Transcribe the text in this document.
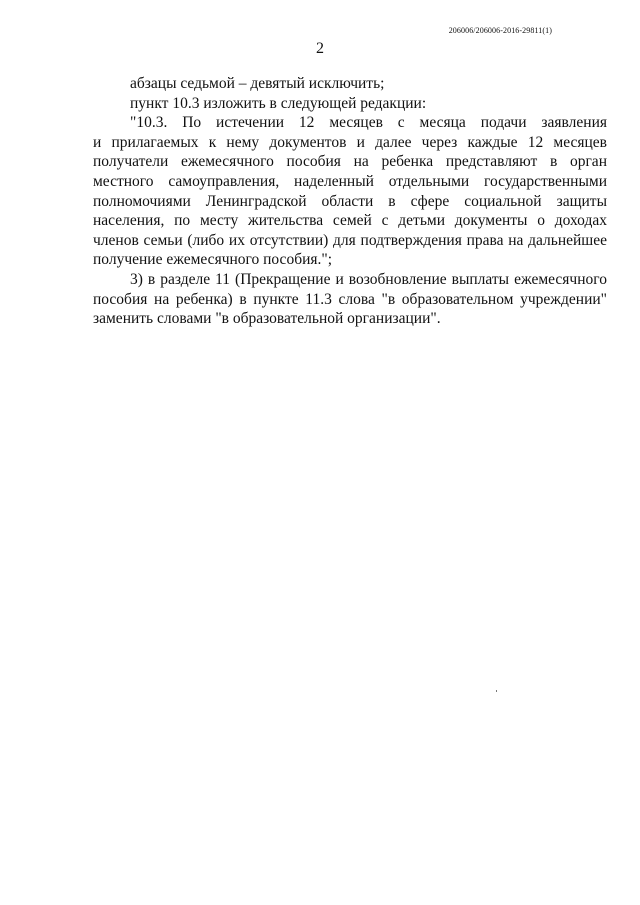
206006/206006-2016-29811(1)
2

абзацы седьмой – девятый исключить;

пункт 10.3 изложить в следующей редакции:

"10.3. По истечении 12 месяцев с месяца подачи заявления
и прилагаемых к нему документов и далее через каждые 12 месяцев
получатели ежемесячного пособия на ребенка представляют в орган
местного самоуправления, наделенный отдельными государственными
полномочиями Ленинградской области в сфере социальной защиты
населения, по месту жительства семей с детьми документы о доходах
членов семьи (либо их отсутствии) для подтверждения права на дальнейшее
получение ежемесячного пособия.";
3) в разделе 11 (Прекращение и возобновление выплаты ежемесячного
пособия на ребенка) в пункте 11.3 слова "в образовательном учреждении"
заменить словами "в образовательной организации".
